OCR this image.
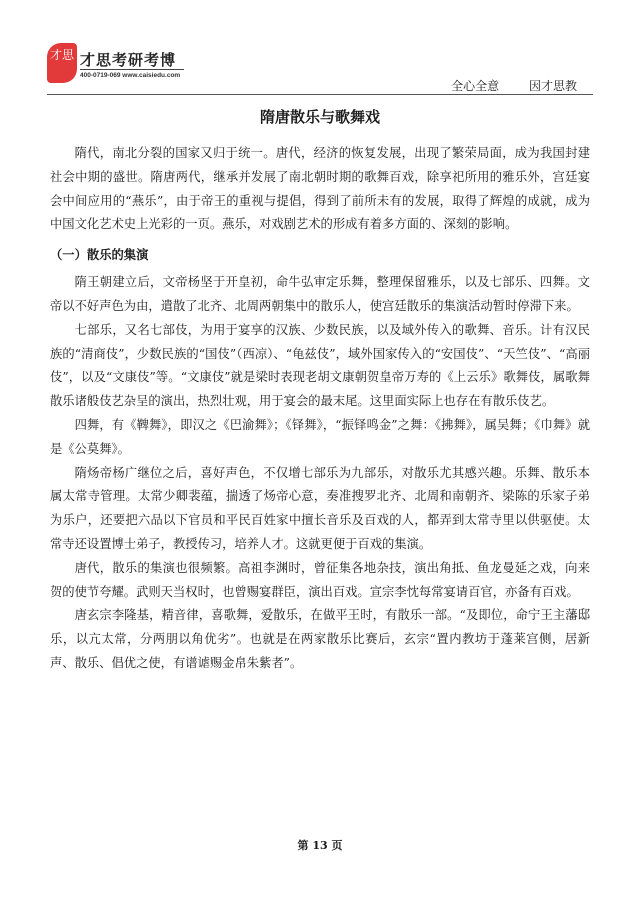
才思 才思考研考博
400-0719-069 www.caisiedu.com
全心全意 因才思教
隋唐散乐与歌舞戏

隋代，南北分裂的国家又归于统一。唐代，经济的恢复发展，出现了繁荣局面，成为我国封建社会中期的盛世。隋唐两代，继承并发展了南北朝时期的歌舞百戏，除享祀所用的雅乐外，宫廷宴会中间应用的“燕乐”，由于帝王的重视与提倡，得到了前所未有的发展，取得了辉煌的成就，成为中国文化艺术史上光彩的一页。燕乐，对戏剧艺术的形成有着多方面的、深刻的影响。

（一）散乐的集演

隋王朝建立后，文帝杨坚于开皇初，命牛弘审定乐舞，整理保留雅乐，以及七部乐、四舞。文帝以不好声色为由，遣散了北齐、北周两朝集中的散乐人，使宫廷散乐的集演活动暂时停滞下来。

七部乐，又名七部伎，为用于宴享的汉族、少数民族，以及域外传入的歌舞、音乐。计有汉民族的“清商伎”，少数民族的“国伎”（西凉）、“龟兹伎”，域外国家传入的“安国伎”、“天竺伎”、“高丽伎”，以及“文康伎”等。“文康伎”就是梁时表现老胡文康朝贺皇帝万寿的《上云乐》歌舞伎，属歌舞散乐诸般伎艺杂呈的演出，热烈壮观，用于宴会的最末尾。这里面实际上也存在有散乐伎艺。

四舞，有《鞞舞》，即汉之《巴渝舞》；《铎舞》，“振铎鸣金”之舞：《拂舞》，属吴舞；《巾舞》就是《公莫舞》。

隋炀帝杨广继位之后，喜好声色，不仅增七部乐为九部乐，对散乐尤其感兴趣。乐舞、散乐本属太常寺管理。太常少卿裴蕴，揣透了炀帝心意，奏准搜罗北齐、北周和南朝齐、梁陈的乐家子弟为乐户，还要把六品以下官员和平民百姓家中擅长音乐及百戏的人，都弄到太常寺里以供驱使。太常寺还设置博士弟子，教授传习，培养人才。这就更便于百戏的集演。

唐代，散乐的集演也很频繁。高祖李渊时，曾征集各地杂技，演出角抵、鱼龙曼延之戏，向来贺的使节夸耀。武则天当权时，也曾赐宴群臣，演出百戏。宣宗李忱每常宴请百官，亦备有百戏。

唐玄宗李隆基，精音律，喜歌舞，爱散乐，在做平王时，有散乐一部。“及即位，命宁王主藩邸乐，以亢太常，分两朋以角优劣”。也就是在两家散乐比赛后，玄宗“置内教坊于蓬莱宫侧，居新声、散乐、倡优之使，有谱谑赐金帛朱紫者”。

第 13 页
